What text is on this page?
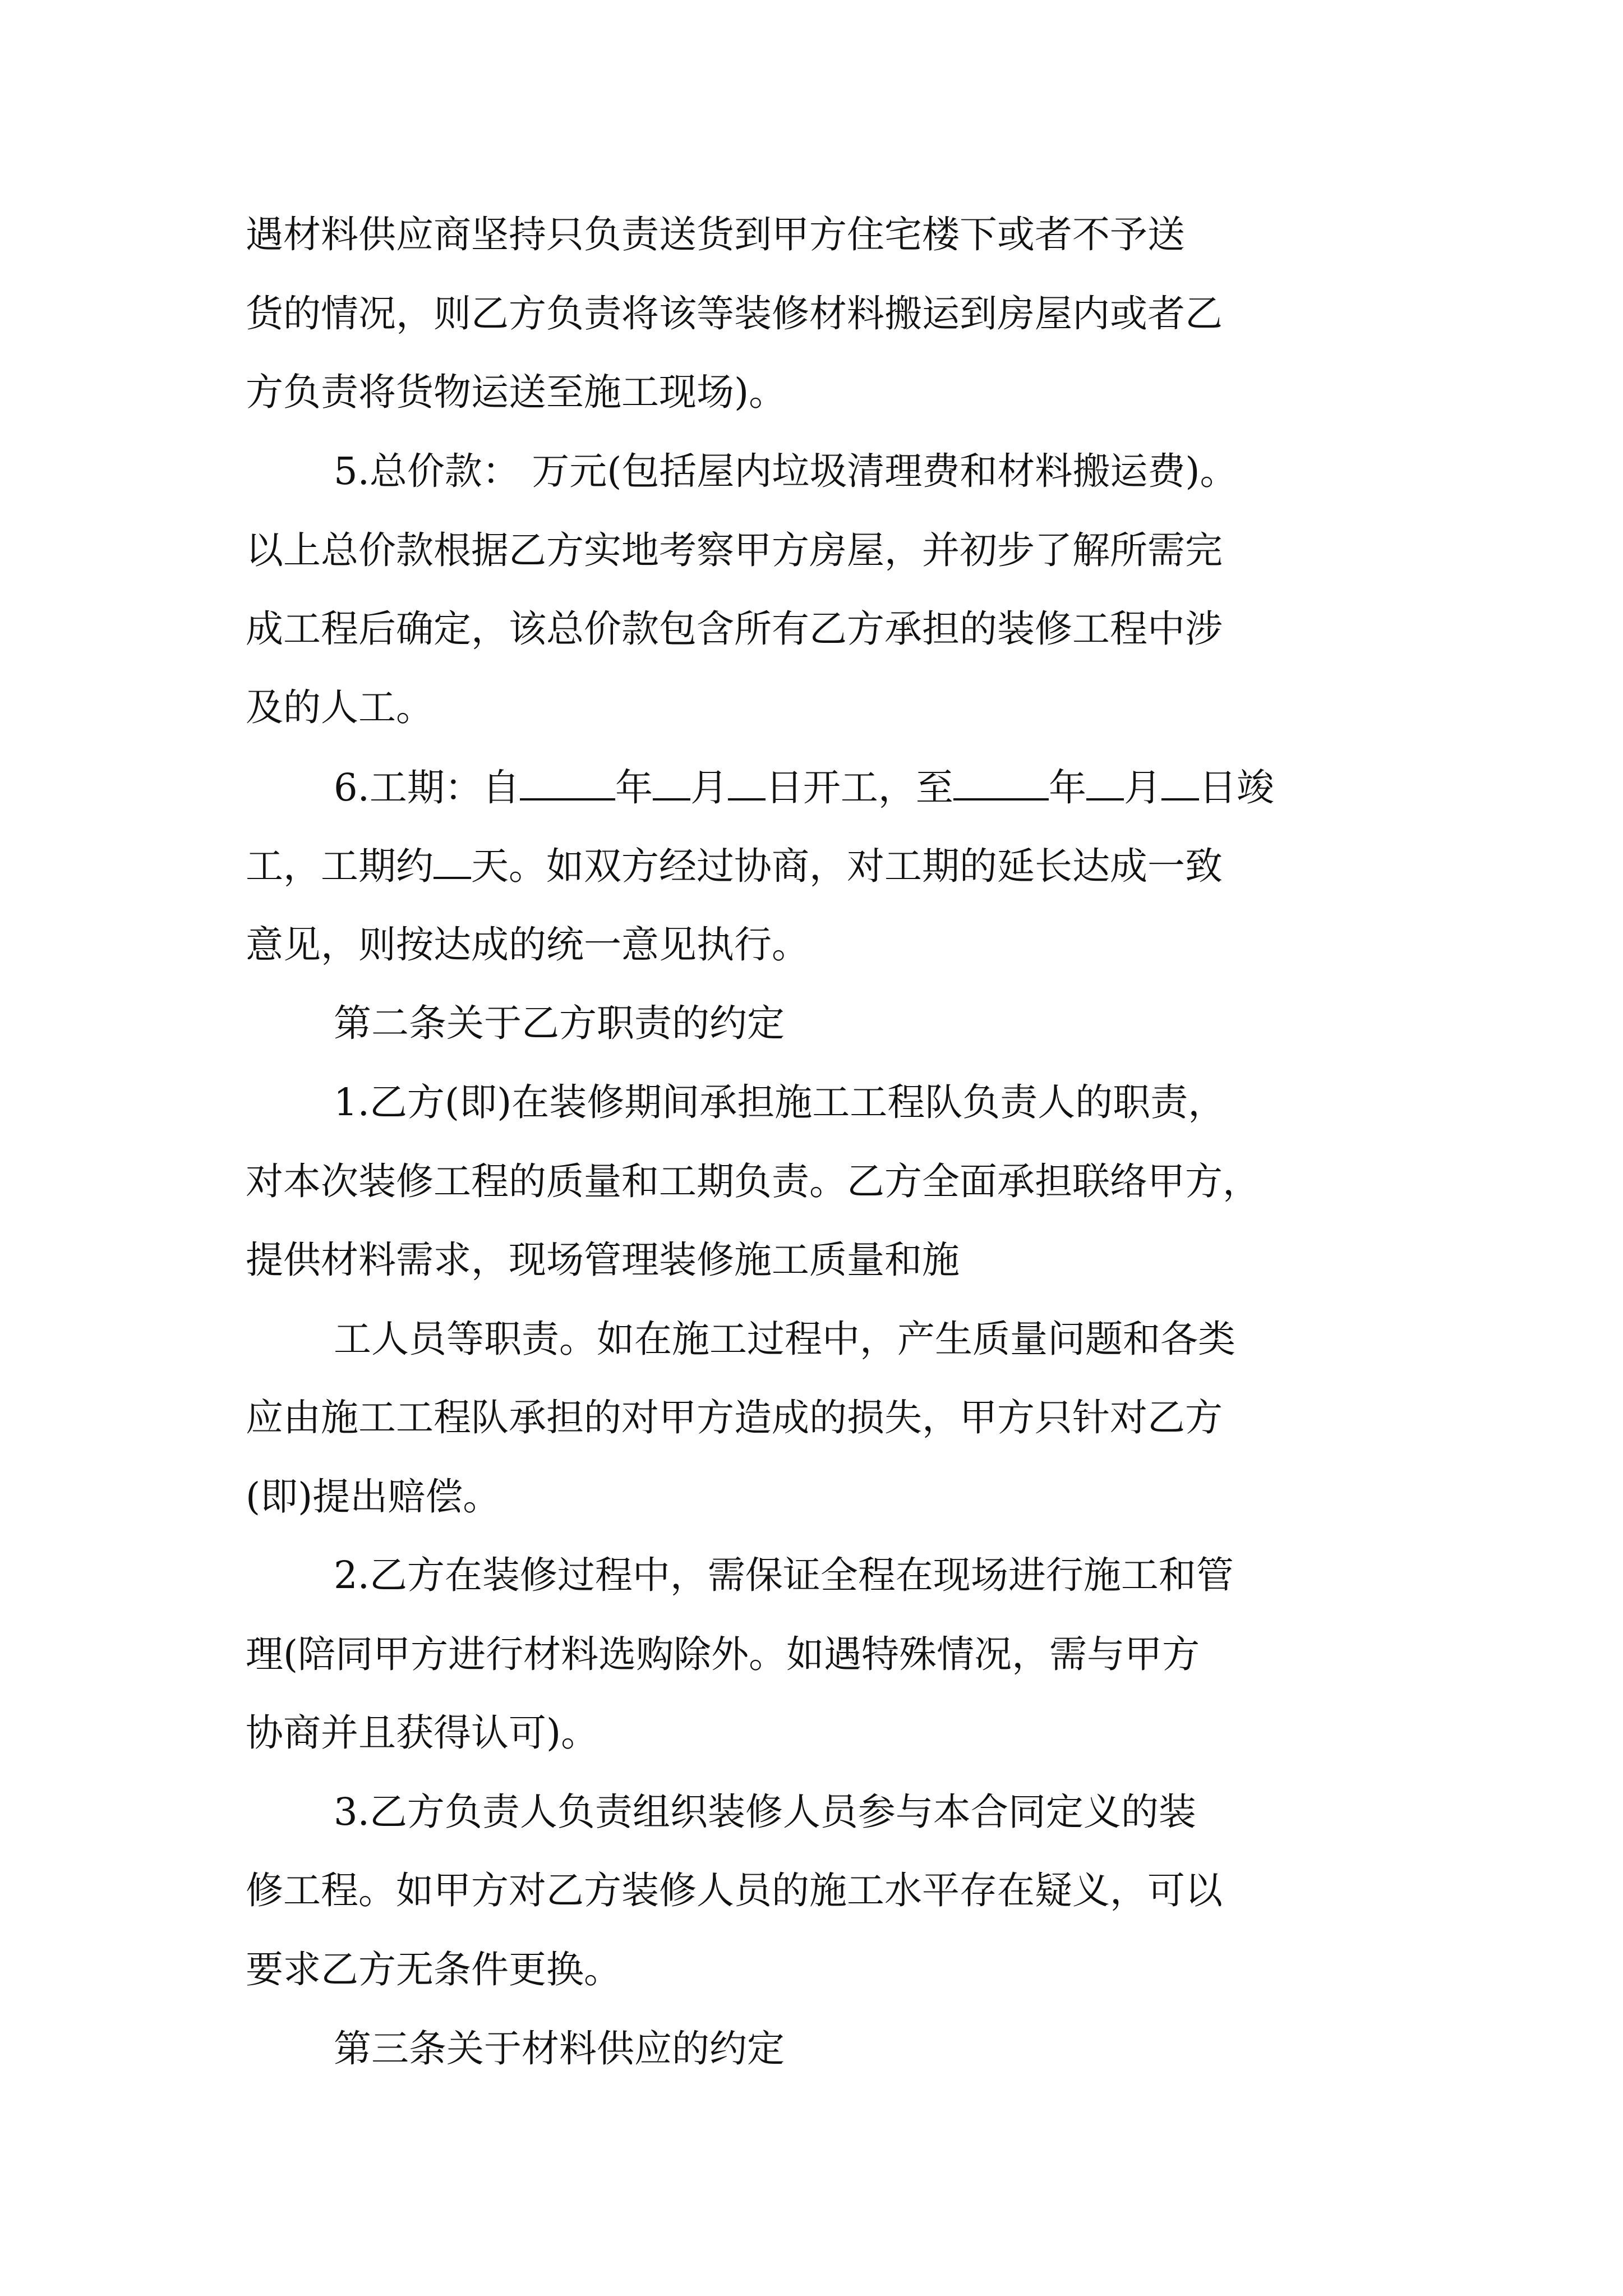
遇材料供应商坚持只负责送货到甲方住宅楼下或者不予送
货的情况，则乙方负责将该等装修材料搬运到房屋内或者乙
方负责将货物运送至施工现场)。
5.总价款： 万元(包括屋内垃圾清理费和材料搬运费)。
以上总价款根据乙方实地考察甲方房屋，并初步了解所需完
成工程后确定，该总价款包含所有乙方承担的装修工程中涉
及的人工。
6.工期：自	年 月 日开工，至	年 月 日竣
工，工期约 天。如双方经过协商，对工期的延长达成一致
意见，则按达成的统一意见执行。
第二条关于乙方职责的约定
1.乙方(即)在装修期间承担施工工程队负责人的职责，
对本次装修工程的质量和工期负责。乙方全面承担联络甲方，
提供材料需求，现场管理装修施工质量和施
工人员等职责。如在施工过程中，产生质量问题和各类
应由施工工程队承担的对甲方造成的损失，甲方只针对乙方
(即)提出赔偿。
2.乙方在装修过程中，需保证全程在现场进行施工和管
理(陪同甲方进行材料选购除外。如遇特殊情况，需与甲方
协商并且获得认可)。
3.乙方负责人负责组织装修人员参与本合同定义的装
修工程。如甲方对乙方装修人员的施工水平存在疑义，可以
要求乙方无条件更换。
第三条关于材料供应的约定
